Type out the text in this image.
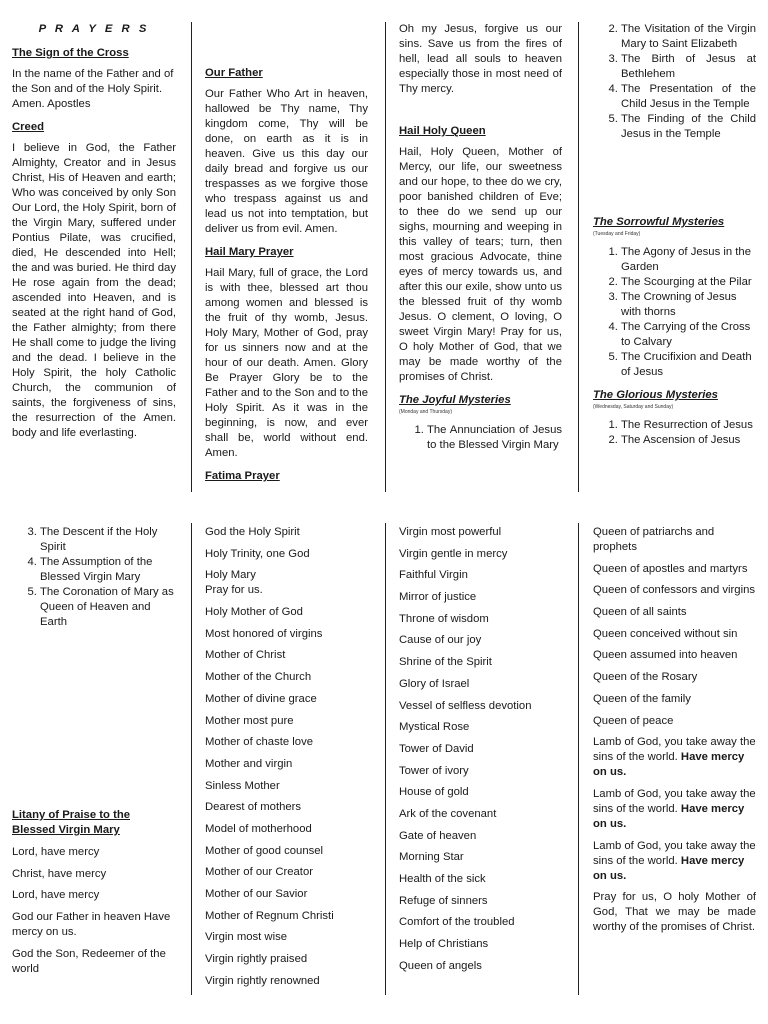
P R A Y E R S
The Sign of the Cross

In the name of the Father and of the Son and of the Holy Spirit. Amen. Apostles

Creed

I believe in God, the Father Almighty, Creator and in Jesus Christ, His of Heaven and earth; Who was conceived by only Son Our Lord, the Holy Spirit, born of the Virgin Mary, suffered under Pontius Pilate, was crucified, died, He descended into Hell; the and was buried. He third day He rose again from the dead; ascended into Heaven, and is seated at the right hand of God, the Father almighty; from there He shall come to judge the living and the dead. I believe in the Holy Spirit, the holy Catholic Church, the communion of saints, the forgiveness of sins, the resurrection of the Amen. body and life everlasting.

Our Father

Our Father Who Art in heaven, hallowed be Thy name, Thy kingdom come, Thy will be done, on earth as it is in heaven. Give us this day our daily bread and forgive us our trespasses as we forgive those who trespass against us and lead us not into temptation, but deliver us from evil. Amen.

Hail Mary Prayer

Hail Mary, full of grace, the Lord is with thee, blessed art thou among women and blessed is the fruit of thy womb, Jesus. Holy Mary, Mother of God, pray for us sinners now and at the hour of our death. Amen. Glory Be Prayer Glory be to the Father and to the Son and to the Holy Spirit. As it was in the beginning, is now, and ever shall be, world without end. Amen.

Fatima Prayer

Oh my Jesus, forgive us our sins. Save us from the fires of hell, lead all souls to heaven especially those in most need of Thy mercy.

Hail Holy Queen

Hail, Holy Queen, Mother of Mercy, our life, our sweetness and our hope, to thee do we cry, poor banished children of Eve; to thee do we send up our sighs, mourning and weeping in this valley of tears; turn, then most gracious Advocate, thine eyes of mercy towards us, and after this our exile, show unto us the blessed fruit of thy womb Jesus. O clement, O loving, O sweet Virgin Mary! Pray for us, O holy Mother of God, that we may be made worthy of the promises of Christ.

The Joyful Mysteries
(Monday and Thursday)
1. The Annunciation of Jesus to the Blessed Virgin Mary
2. The Visitation of the Virgin Mary to Saint Elizabeth
3. The Birth of Jesus at Bethlehem
4. The Presentation of the Child Jesus in the Temple
5. The Finding of the Child Jesus in the Temple
The Sorrowful Mysteries
(Tuesday and Friday)
1. The Agony of Jesus in the Garden
2. The Scourging at the Pilar
3. The Crowning of Jesus with thorns
4. The Carrying of the Cross to Calvary
5. The Crucifixion and Death of Jesus
The Glorious Mysteries
(Wednesday, Saturday and Sunday)
1. The Resurrection of Jesus
2. The Ascension of Jesus
3. The Descent if the Holy Spirit
4. The Assumption of the Blessed Virgin Mary
5. The Coronation of Mary as Queen of Heaven and Earth
Litany of Praise to the Blessed Virgin Mary

Lord, have mercy

Christ, have mercy

Lord, have mercy

God our Father in heaven Have mercy on us.

God the Son, Redeemer of the world

God the Holy Spirit

Holy Trinity, one God

Holy Mary
Pray for us.

Holy Mother of God

Most honored of virgins

Mother of Christ

Mother of the Church

Mother of divine grace

Mother most pure

Mother of chaste love

Mother and virgin

Sinless Mother

Dearest of mothers

Model of motherhood

Mother of good counsel

Mother of our Creator

Mother of our Savior

Mother of Regnum Christi

Virgin most wise

Virgin rightly praised

Virgin rightly renowned

Virgin most powerful

Virgin gentle in mercy

Faithful Virgin

Mirror of justice

Throne of wisdom

Cause of our joy

Shrine of the Spirit

Glory of Israel

Vessel of selfless devotion

Mystical Rose

Tower of David

Tower of ivory

House of gold

Ark of the covenant

Gate of heaven

Morning Star

Health of the sick

Refuge of sinners

Comfort of the troubled

Help of Christians

Queen of angels

Queen of patriarchs and prophets

Queen of apostles and martyrs

Queen of confessors and virgins

Queen of all saints

Queen conceived without sin

Queen assumed into heaven

Queen of the Rosary

Queen of the family

Queen of peace

Lamb of God, you take away the sins of the world. Have mercy on us.

Lamb of God, you take away the sins of the world. Have mercy on us.

Lamb of God, you take away the sins of the world. Have mercy on us.

Pray for us, O holy Mother of God, That we may be made worthy of the promises of Christ.
